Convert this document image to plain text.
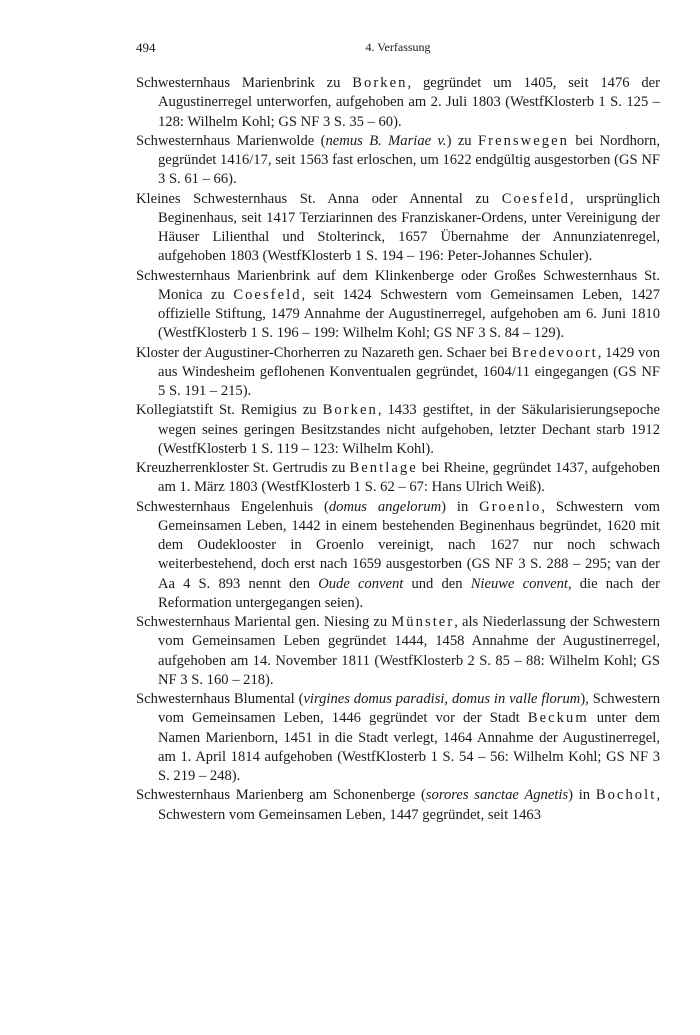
494	4. Verfassung

Schwesternhaus Marienbrink zu Borken, gegründet um 1405, seit 1476 der Augustinerregel unterworfen, aufgehoben am 2. Juli 1803 (WestfKlosterb 1 S. 125 – 128: Wilhelm Kohl; GS NF 3 S. 35 – 60).

Schwesternhaus Marienwolde (nemus B. Mariae v.) zu Frenswegen bei Nordhorn, gegründet 1416/17, seit 1563 fast erloschen, um 1622 endgültig ausgestorben (GS NF 3 S. 61 – 66).

Kleines Schwesternhaus St. Anna oder Annental zu Coesfeld, ursprünglich Beginenhaus, seit 1417 Terziarinnen des Franziskaner-Ordens, unter Vereinigung der Häuser Lilienthal und Stolterinck, 1657 Übernahme der Annunziatenregel, aufgehoben 1803 (WestfKlosterb 1 S. 194 – 196: Peter-Johannes Schuler).

Schwesternhaus Marienbrink auf dem Klinkenberge oder Großes Schwesternhaus St. Monica zu Coesfeld, seit 1424 Schwestern vom Gemeinsamen Leben, 1427 offizielle Stiftung, 1479 Annahme der Augustinerregel, aufgehoben am 6. Juni 1810 (WestfKlosterb 1 S. 196 – 199: Wilhelm Kohl; GS NF 3 S. 84 – 129).

Kloster der Augustiner-Chorherren zu Nazareth gen. Schaer bei Bredevoort, 1429 von aus Windesheim geflohenen Konventualen gegründet, 1604/11 eingegangen (GS NF 5 S. 191 – 215).

Kollegiatstift St. Remigius zu Borken, 1433 gestiftet, in der Säkularisierungsepoche wegen seines geringen Besitzstandes nicht aufgehoben, letzter Dechant starb 1912 (WestfKlosterb 1 S. 119 – 123: Wilhelm Kohl).

Kreuzherrenkloster St. Gertrudis zu Bentlage bei Rheine, gegründet 1437, aufgehoben am 1. März 1803 (WestfKlosterb 1 S. 62 – 67: Hans Ulrich Weiß).

Schwesternhaus Engelenhuis (domus angelorum) in Groenlo, Schwestern vom Gemeinsamen Leben, 1442 in einem bestehenden Beginenhaus begründet, 1620 mit dem Oudeklooster in Groenlo vereinigt, nach 1627 nur noch schwach weiterbestehend, doch erst nach 1659 ausgestorben (GS NF 3 S. 288 – 295; van der Aa 4 S. 893 nennt den Oude convent und den Nieuwe convent, die nach der Reformation untergegangen seien).

Schwesternhaus Mariental gen. Niesing zu Münster, als Niederlassung der Schwestern vom Gemeinsamen Leben gegründet 1444, 1458 Annahme der Augustinerregel, aufgehoben am 14. November 1811 (WestfKlosterb 2 S. 85 – 88: Wilhelm Kohl; GS NF 3 S. 160 – 218).

Schwesternhaus Blumental (virgines domus paradisi, domus in valle florum), Schwestern vom Gemeinsamen Leben, 1446 gegründet vor der Stadt Beckum unter dem Namen Marienborn, 1451 in die Stadt verlegt, 1464 Annahme der Augustinerregel, am 1. April 1814 aufgehoben (WestfKlosterb 1 S. 54 – 56: Wilhelm Kohl; GS NF 3 S. 219 – 248).

Schwesternhaus Marienberg am Schonenberge (sorores sanctae Agnetis) in Bocholt, Schwestern vom Gemeinsamen Leben, 1447 gegründet, seit 1463
